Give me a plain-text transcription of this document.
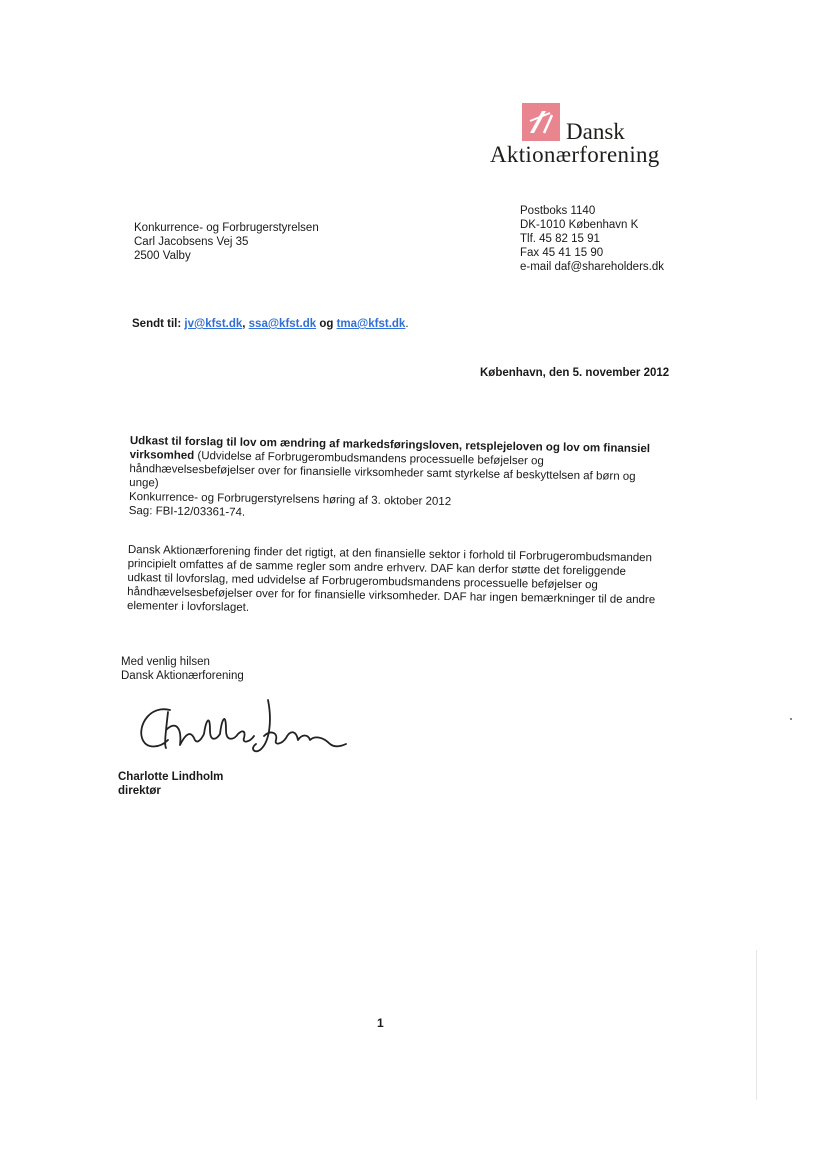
Dansk
Aktionærforening
Konkurrence- og Forbrugerstyrelsen
Carl Jacobsens Vej 35
2500 Valby
Postboks 1140
DK-1010 København K
Tlf. 45 82 15 91
Fax 45 41 15 90
e-mail daf@shareholders.dk
Sendt til: jv@kfst.dk, ssa@kfst.dk og tma@kfst.dk.
København, den 5. november 2012
Udkast til forslag til lov om ændring af markedsføringsloven, retsplejeloven og lov om finansiel virksomhed (Udvidelse af Forbrugerombudsmandens processuelle beføjelser og håndhævelsesbeføjelser over for finansielle virksomheder samt styrkelse af beskyttelsen af børn og unge)
Konkurrence- og Forbrugerstyrelsens høring af 3. oktober 2012
Sag: FBI-12/03361-74.
Dansk Aktionærforening finder det rigtigt, at den finansielle sektor i forhold til Forbrugerombudsmanden principielt omfattes af de samme regler som andre erhverv. DAF kan derfor støtte det foreliggende udkast til lovforslag, med udvidelse af Forbrugerombudsmandens processuelle beføjelser og håndhævelsesbeføjelser over for for finansielle virksomheder. DAF har ingen bemærkninger til de andre elementer i lovforslaget.
Med venlig hilsen
Dansk Aktionærforening
Charlotte Lindholm
direktør
1
